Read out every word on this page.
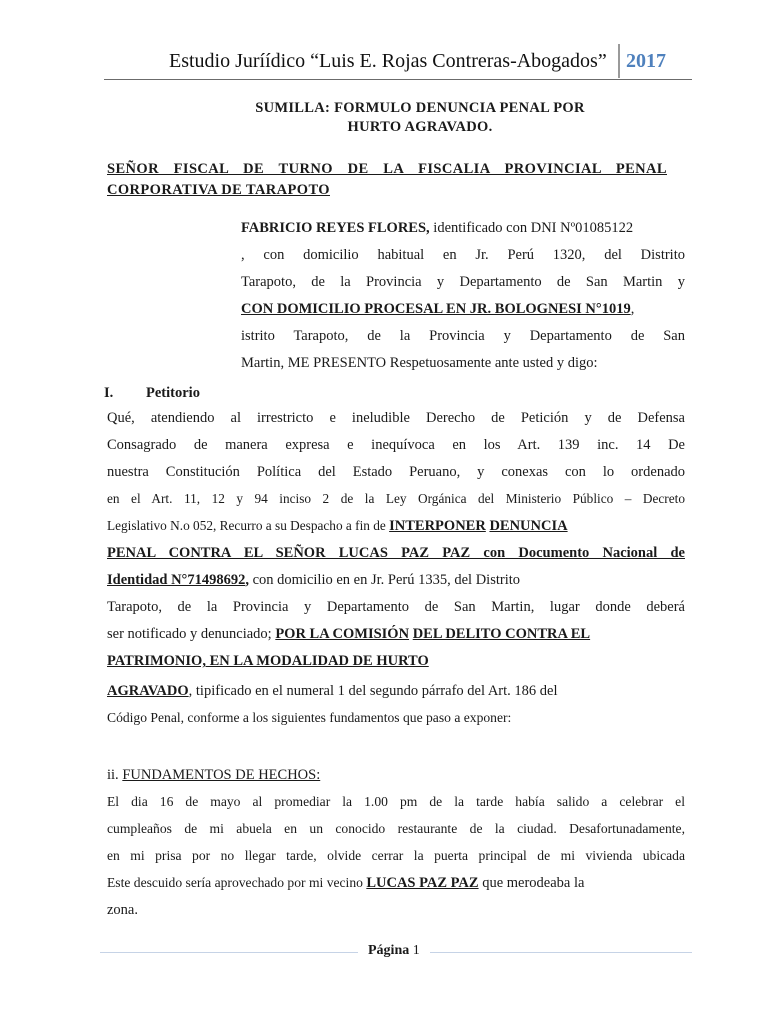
Estudio Juríídico “Luis E. Rojas Contreras-Abogados” 2017
SUMILLA: FORMULO DENUNCIA PENAL POR
HURTO AGRAVADO.
SEÑOR FISCAL DE TURNO DE LA FISCALIA PROVINCIAL PENAL
CORPORATIVA DE TARAPOTO
FABRICIO REYES FLORES, identificado con DNI Nº01085122
, con domicilio habitual en Jr. Perú 1320, del Distrito
Tarapoto, de la Provincia y Departamento de San Martin y
CON DOMICILIO PROCESAL EN JR. BOLOGNESI N°1019,
istrito Tarapoto, de la Provincia y Departamento de San
Martin, ME PRESENTO Respetuosamente ante usted y digo:
I. Petitorio
Qué, atendiendo al irrestricto e ineludible Derecho de Petición y de Defensa
Consagrado de manera expresa e inequívoca en los Art. 139 inc. 14 De
nuestra Constitución Política del Estado Peruano, y conexas con lo ordenado
en el Art. 11, 12 y 94 inciso 2 de la Ley Orgánica del Ministerio Público – Decreto
Legislativo N.o 052, Recurro a su Despacho a fin de INTERPONER DENUNCIA
PENAL CONTRA EL SEÑOR LUCAS PAZ PAZ con Documento Nacional de
Identidad N°71498692, con domicilio en en Jr. Perú 1335, del Distrito
Tarapoto, de la Provincia y Departamento de San Martin, lugar donde deberá
ser notificado y denunciado; POR LA COMISIÓN DEL DELITO CONTRA EL
PATRIMONIO, EN LA MODALIDAD DE HURTO
AGRAVADO, tipificado en el numeral 1 del segundo párrafo del Art. 186 del
Código Penal, conforme a los siguientes fundamentos que paso a exponer:
ii. FUNDAMENTOS DE HECHOS:
El dia 16 de mayo al promediar la 1.00 pm de la tarde había salido a celebrar el
cumpleaños de mi abuela en un conocido restaurante de la ciudad. Desafortunadamente,
en mi prisa por no llegar tarde, olvide cerrar la puerta principal de mi vivienda ubicada
Este descuido sería aprovechado por mi vecino LUCAS PAZ PAZ que merodeaba la
zona.
Página 1
